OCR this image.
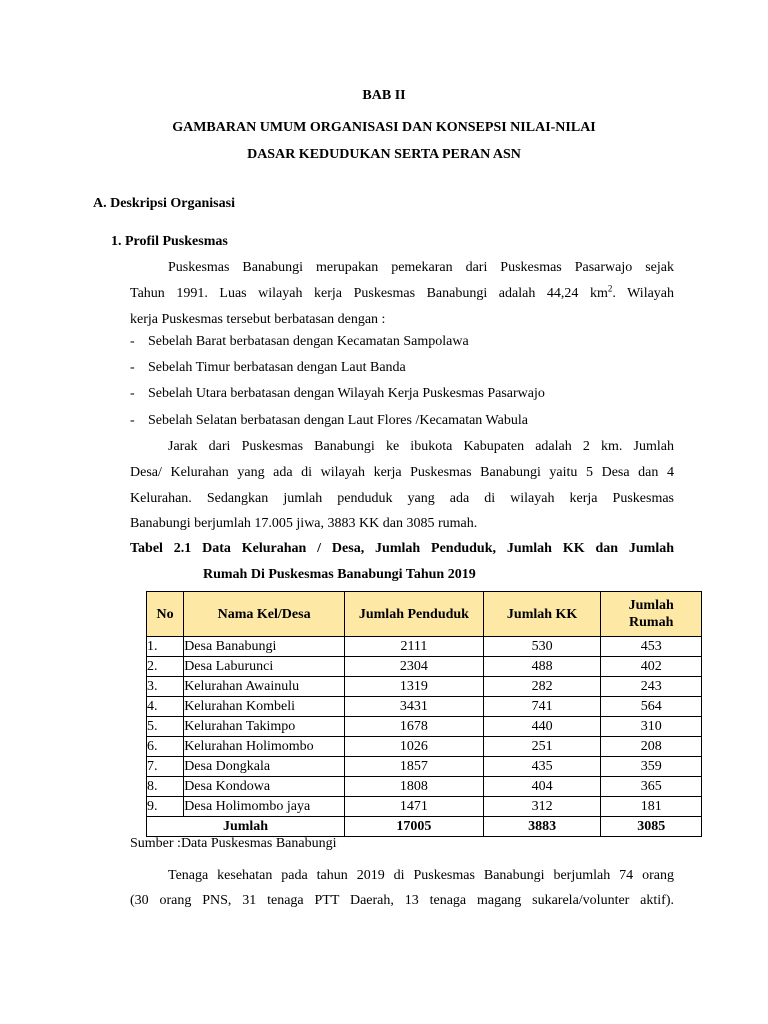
BAB II
GAMBARAN UMUM ORGANISASI DAN KONSEPSI NILAI-NILAI
DASAR KEDUDUKAN SERTA PERAN ASN
A. Deskripsi Organisasi
1. Profil Puskesmas
Puskesmas Banabungi merupakan pemekaran dari Puskesmas Pasarwajo sejak
Tahun 1991. Luas wilayah kerja Puskesmas Banabungi adalah 44,24 $km^2$. Wilayah
kerja Puskesmas tersebut berbatasan dengan :
- Sebelah Barat berbatasan dengan Kecamatan Sampolawa
- Sebelah Timur berbatasan dengan Laut Banda
- Sebelah Utara berbatasan dengan Wilayah Kerja Puskesmas Pasarwajo
- Sebelah Selatan berbatasan dengan Laut Flores /Kecamatan Wabula
Jarak dari Puskesmas Banabungi ke ibukota Kabupaten adalah 2 km. Jumlah
Desa/ Kelurahan yang ada di wilayah kerja Puskesmas Banabungi yaitu 5 Desa dan 4
Kelurahan. Sedangkan jumlah penduduk yang ada di wilayah kerja Puskesmas
Banabungi berjumlah 17.005 jiwa, 3883 KK dan 3085 rumah.
Tabel 2.1 Data Kelurahan / Desa, Jumlah Penduduk, Jumlah KK dan Jumlah
Rumah Di Puskesmas Banabungi Tahun 2019
No	Nama Kel/Desa	Jumlah Penduduk	Jumlah KK	Jumlah
Rumah
1.	Desa Banabungi	2111	530	453
2.	Desa Laburunci	2304	488	402
3.	Kelurahan Awainulu	1319	282	243
4.	Kelurahan Kombeli	3431	741	564
5.	Kelurahan Takimpo	1678	440	310
6.	Kelurahan Holimombo	1026	251	208
7.	Desa Dongkala	1857	435	359
8.	Desa Kondowa	1808	404	365
9.	Desa Holimombo jaya	1471	312	181
Jumlah		17005	3883	3085
Sumber :Data Puskesmas Banabungi
Tenaga kesehatan pada tahun 2019 di Puskesmas Banabungi berjumlah 74 orang
(30 orang PNS, 31 tenaga PTT Daerah, 13 tenaga magang sukarela/volunter aktif).
